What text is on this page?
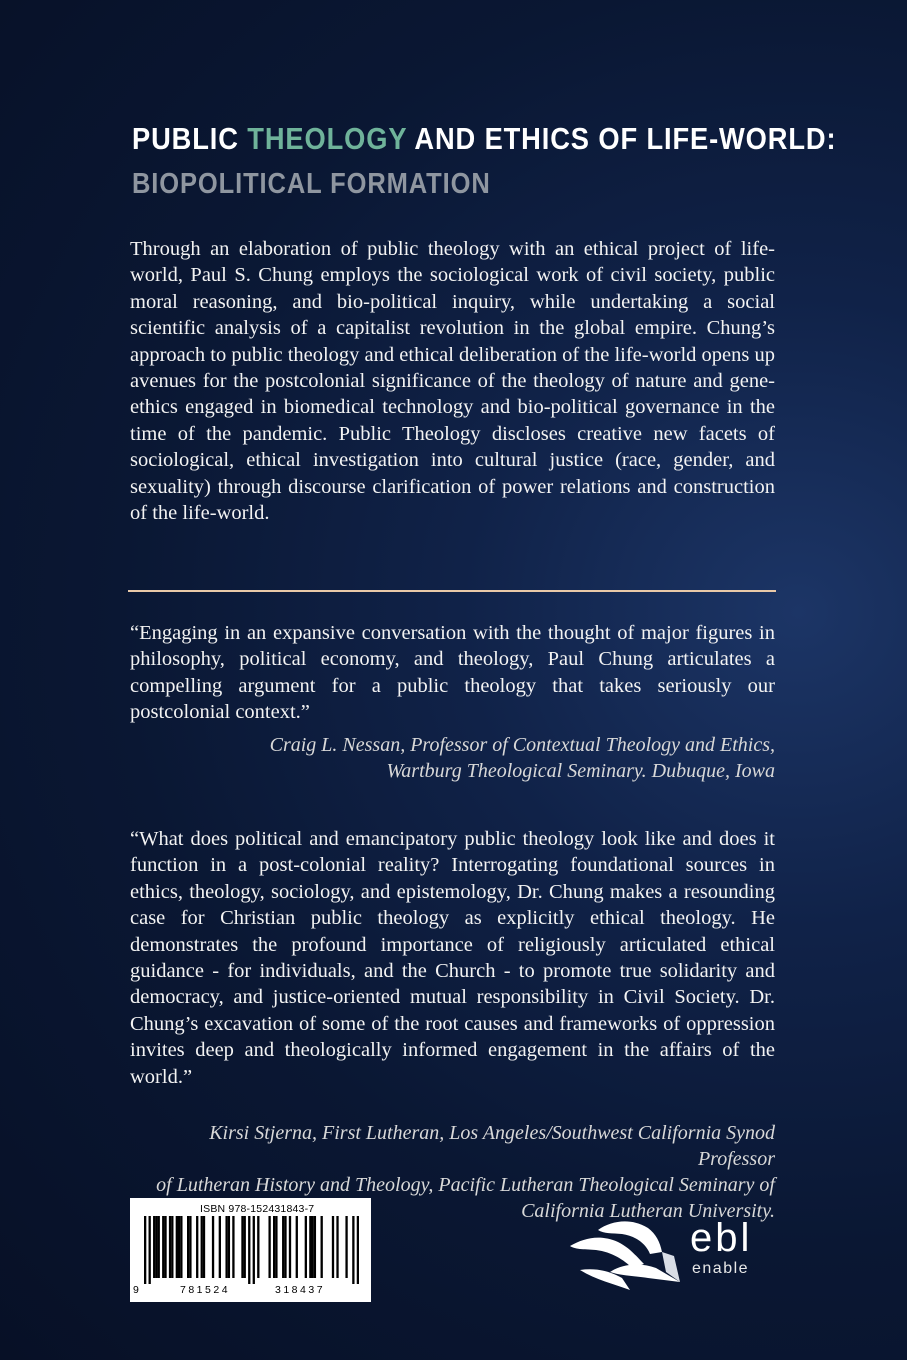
PUBLIC THEOLOGY AND ETHICS OF LIFE-WORLD:
BIOPOLITICAL FORMATION
Through an elaboration of public theology with an ethical project of life-world, Paul S. Chung employs the sociological work of civil society, public moral reasoning, and bio-political inquiry, while undertaking a social scientific analysis of a capitalist revolution in the global empire. Chung’s approach to public theology and ethical deliberation of the life-world opens up avenues for the postcolonial significance of the theology of nature and gene-ethics engaged in biomedical technology and bio-political governance in the time of the pandemic. Public Theology discloses creative new facets of sociological, ethical investigation into cultural justice (race, gender, and sexuality) through discourse clarification of power relations and construction of the life-world.
“Engaging in an expansive conversation with the thought of major figures in philosophy, political economy, and theology, Paul Chung articulates a compelling argument for a public theology that takes seriously our postcolonial context.”
Craig L. Nessan, Professor of Contextual Theology and Ethics,
Wartburg Theological Seminary. Dubuque, Iowa
“What does political and emancipatory public theology look like and does it function in a post-colonial reality? Interrogating foundational sources in ethics, theology, sociology, and epistemology, Dr. Chung makes a resounding case for Christian public theology as explicitly ethical theology. He demonstrates the profound importance of religiously articulated ethical guidance - for individuals, and the Church - to promote true solidarity and democracy, and justice-oriented mutual responsibility in Civil Society. Dr. Chung’s excavation of some of the root causes and frameworks of oppression invites deep and theologically informed engagement in the affairs of the world.”
Kirsi Stjerna, First Lutheran, Los Angeles/Southwest California Synod Professor
of Lutheran History and Theology, Pacific Lutheran Theological Seminary of
California Lutheran University.
ISBN 978-152431843-7
9	781524	318437
ebl
enable
